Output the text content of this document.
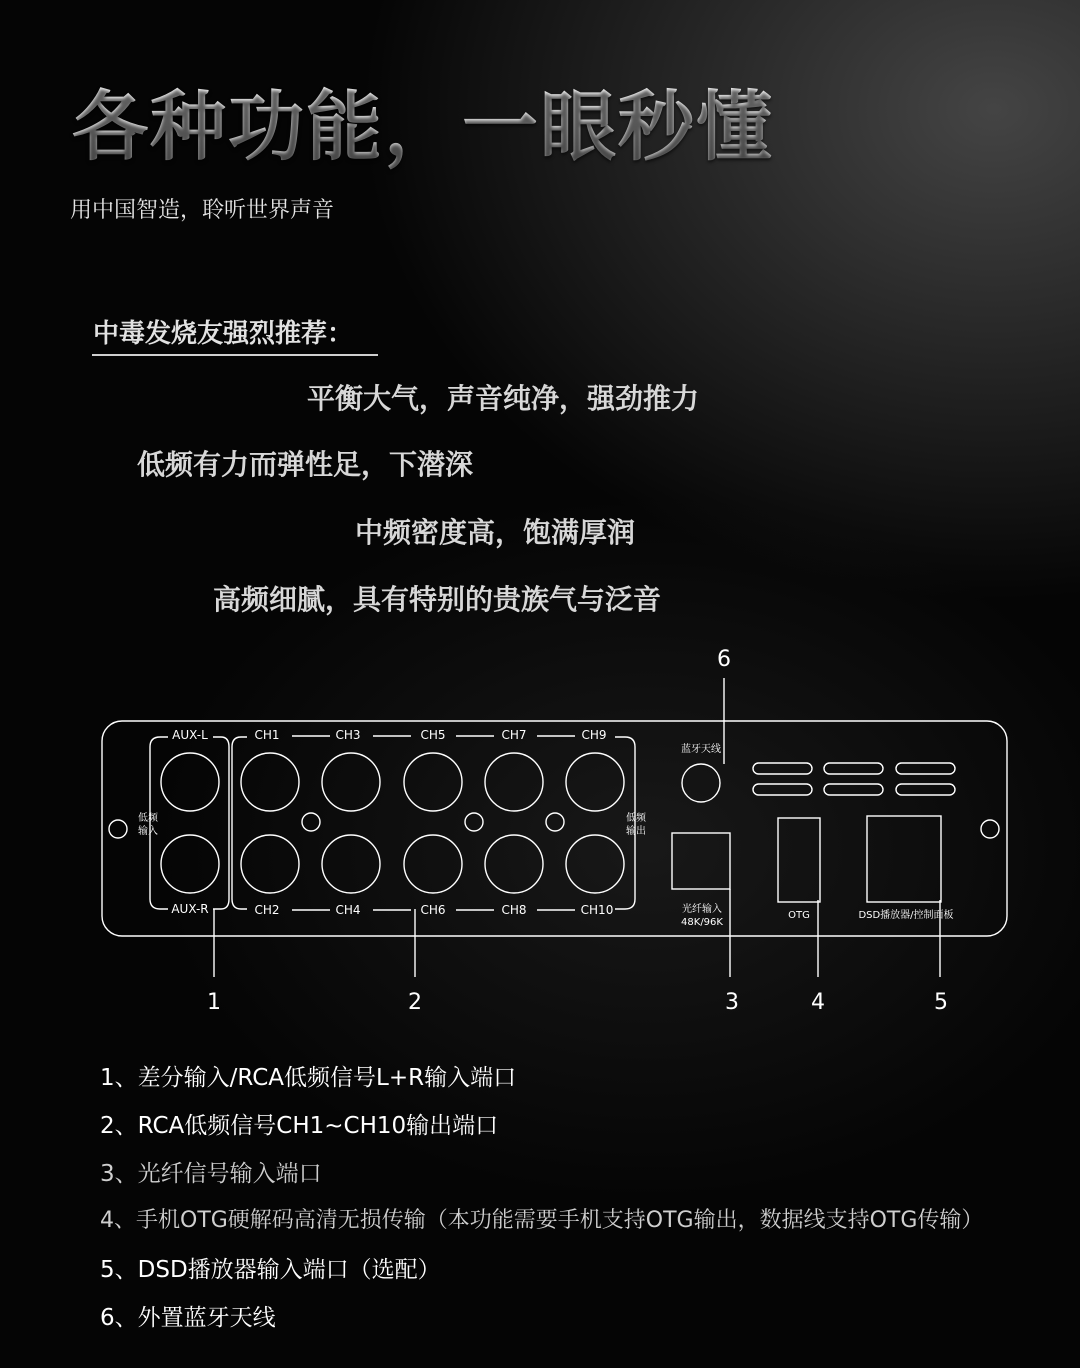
各种功能，一眼秒懂
用中国智造，聆听世界声音
中毒发烧友强烈推荐：
平衡大气，声音纯净，强劲推力
低频有力而弹性足，下潜深
中频密度高，饱满厚润
高频细腻，具有特别的贵族气与泛音
AUX-L
AUX-R
低频
输入
CH1	CH3	CH5	CH7	CH9
CH2	CH4	CH6	CH8	CH10
低频
输出
蓝牙天线
光纤输入
48K/96K
OTG	DSD播放器/控制面板
1	2	3	4	5
6
1、差分输入/RCA低频信号L+R输入端口
2、RCA低频信号CH1~CH10输出端口
3、光纤信号输入端口
4、手机OTG硬解码高清无损传输（本功能需要手机支持OTG输出，数据线支持OTG传输）
5、DSD播放器输入端口（选配）
6、外置蓝牙天线
